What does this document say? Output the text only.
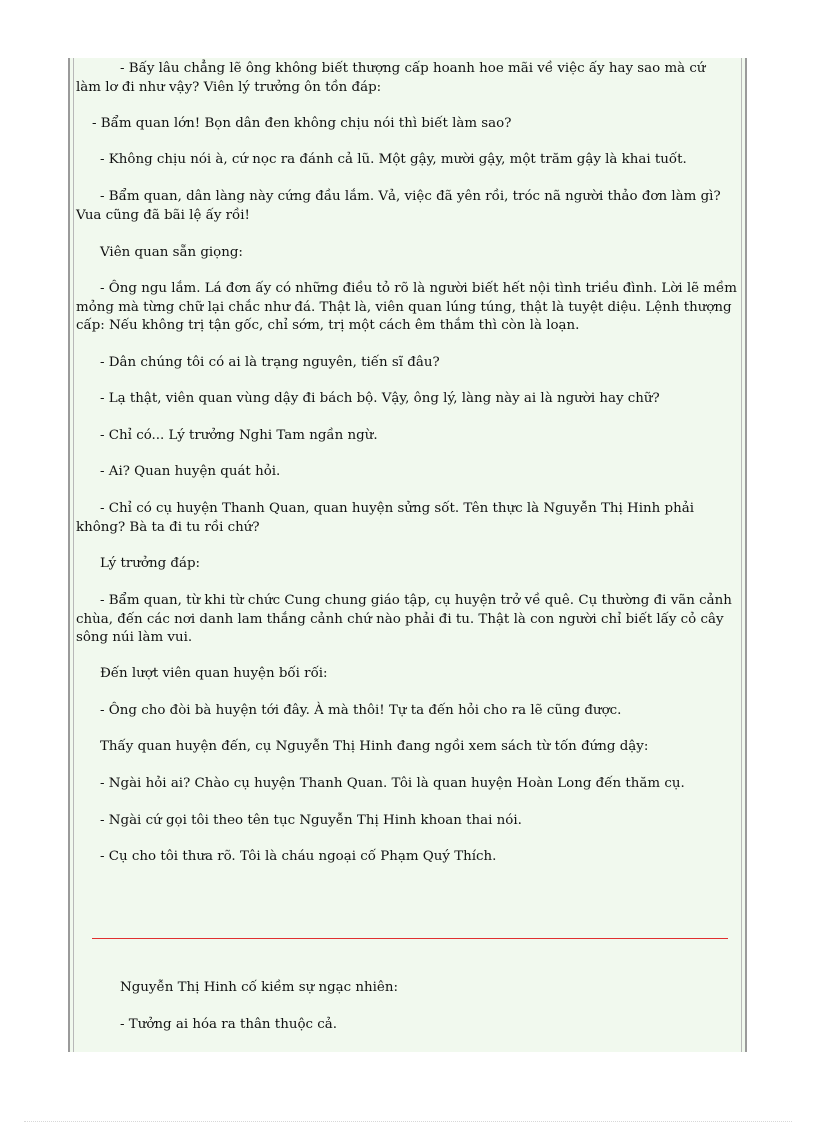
- Bấy lâu chẳng lẽ ông không biết thượng cấp hoanh hoe mãi về việc ấy hay sao mà cứ làm lơ đi như vậy? Viên lý trưởng ôn tồn đáp:

- Bẩm quan lớn! Bọn dân đen không chịu nói thì biết làm sao?

- Không chịu nói à, cứ nọc ra đánh cả lũ. Một gậy, mười gậy, một trăm gậy là khai tuốt.

- Bẩm quan, dân làng này cứng đầu lắm. Vả, việc đã yên rồi, tróc nã người thảo đơn làm gì? Vua cũng đã bãi lệ ấy rồi!

Viên quan sẵn giọng:

- Ông ngu lắm. Lá đơn ấy có những điều tỏ rõ là người biết hết nội tình triều đình. Lời lẽ mềm mỏng mà từng chữ lại chắc như đá. Thật là, viên quan lúng túng, thật là tuyệt diệu. Lệnh thượng cấp: Nếu không trị tận gốc, chỉ sớm, trị một cách êm thắm thì còn là loạn.

- Dân chúng tôi có ai là trạng nguyên, tiến sĩ đâu?

- Lạ thật, viên quan vùng dậy đi bách bộ. Vậy, ông lý, làng này ai là người hay chữ?

- Chỉ có... Lý trưởng Nghi Tam ngần ngừ.

- Ai? Quan huyện quát hỏi.

- Chỉ có cụ huyện Thanh Quan, quan huyện sửng sốt. Tên thực là Nguyễn Thị Hinh phải không? Bà ta đi tu rồi chứ?

Lý trưởng đáp:

- Bẩm quan, từ khi từ chức Cung chung giáo tập, cụ huyện trở về quê. Cụ thường đi vãn cảnh chùa, đến các nơi danh lam thắng cảnh chứ nào phải đi tu. Thật là con người chỉ biết lấy cỏ cây sông núi làm vui.

Đến lượt viên quan huyện bối rối:

- Ông cho đòi bà huyện tới đây. À mà thôi! Tự ta đến hỏi cho ra lẽ cũng được.

Thấy quan huyện đến, cụ Nguyễn Thị Hinh đang ngồi xem sách từ tốn đứng dậy:

- Ngài hỏi ai? Chào cụ huyện Thanh Quan. Tôi là quan huyện Hoàn Long đến thăm cụ.

- Ngài cứ gọi tôi theo tên tục Nguyễn Thị Hinh khoan thai nói.

- Cụ cho tôi thưa rõ. Tôi là cháu ngoại cố Phạm Quý Thích.

Nguyễn Thị Hinh cố kiềm sự ngạc nhiên:

- Tưởng ai hóa ra thân thuộc cả.
